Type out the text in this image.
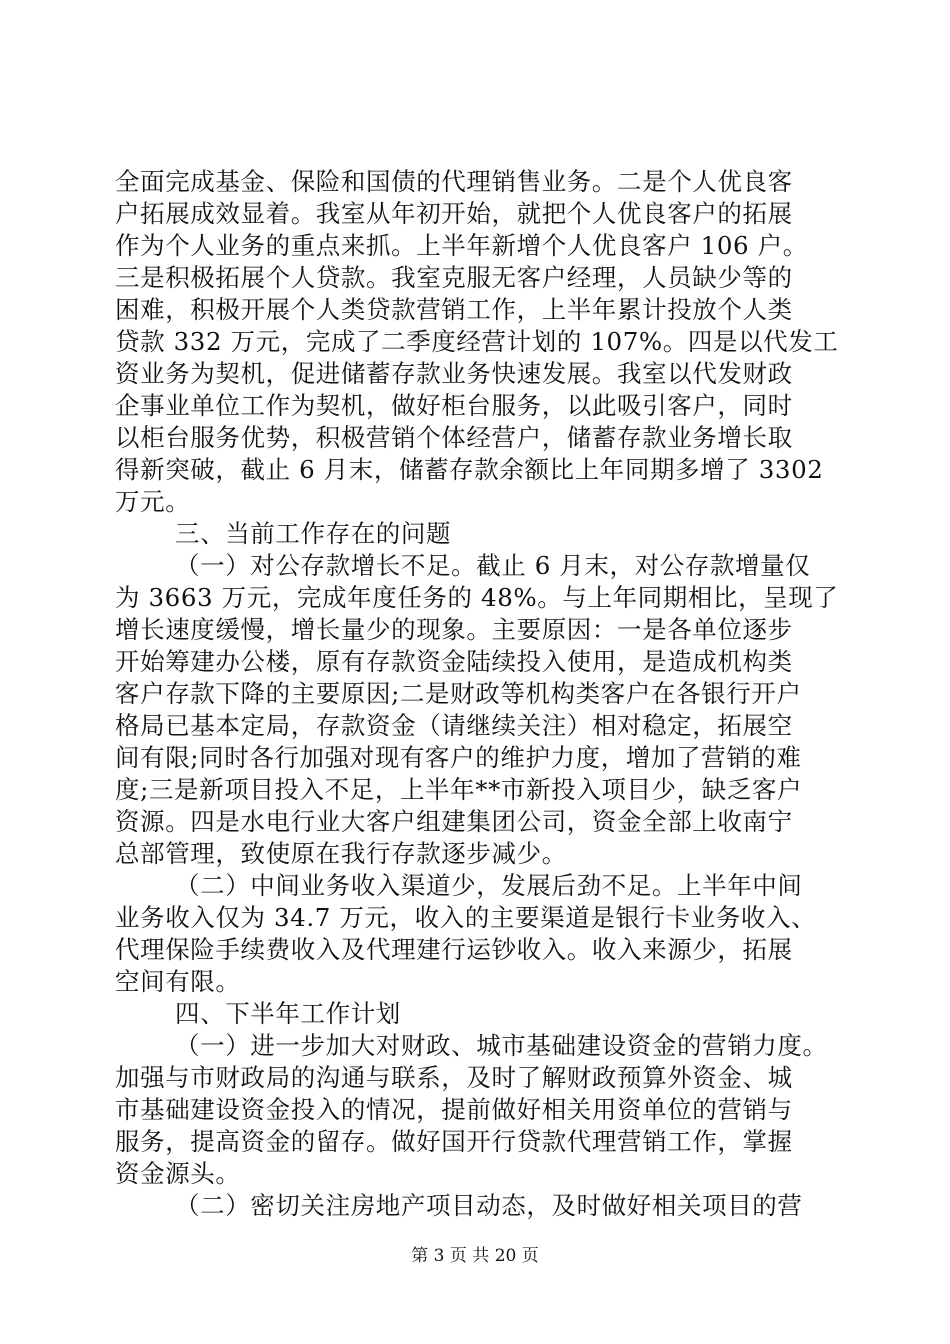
全面完成基金、保险和国债的代理销售业务。二是个人优良客
户拓展成效显着。我室从年初开始，就把个人优良客户的拓展
作为个人业务的重点来抓。上半年新增个人优良客户 106 户。
三是积极拓展个人贷款。我室克服无客户经理，人员缺少等的
困难，积极开展个人类贷款营销工作，上半年累计投放个人类
贷款 332 万元，完成了二季度经营计划的 107%。四是以代发工
资业务为契机，促进储蓄存款业务快速发展。我室以代发财政
企事业单位工作为契机，做好柜台服务，以此吸引客户，同时
以柜台服务优势，积极营销个体经营户，储蓄存款业务增长取
得新突破，截止 6 月末，储蓄存款余额比上年同期多增了 3302
万元。
三、当前工作存在的问题
（一）对公存款增长不足。截止 6 月末，对公存款增量仅
为 3663 万元，完成年度任务的 48%。与上年同期相比，呈现了
增长速度缓慢，增长量少的现象。主要原因：一是各单位逐步
开始筹建办公楼，原有存款资金陆续投入使用，是造成机构类
客户存款下降的主要原因;二是财政等机构类客户在各银行开户
格局已基本定局，存款资金（请继续关注）相对稳定，拓展空
间有限;同时各行加强对现有客户的维护力度，增加了营销的难
度;三是新项目投入不足，上半年**市新投入项目少，缺乏客户
资源。四是水电行业大客户组建集团公司，资金全部上收南宁
总部管理，致使原在我行存款逐步减少。
（二）中间业务收入渠道少，发展后劲不足。上半年中间
业务收入仅为 34.7 万元，收入的主要渠道是银行卡业务收入、
代理保险手续费收入及代理建行运钞收入。收入来源少，拓展
空间有限。
四、下半年工作计划
（一）进一步加大对财政、城市基础建设资金的营销力度。
加强与市财政局的沟通与联系，及时了解财政预算外资金、城
市基础建设资金投入的情况，提前做好相关用资单位的营销与
服务，提高资金的留存。做好国开行贷款代理营销工作，掌握
资金源头。
（二）密切关注房地产项目动态，及时做好相关项目的营
第 3 页 共 20 页
